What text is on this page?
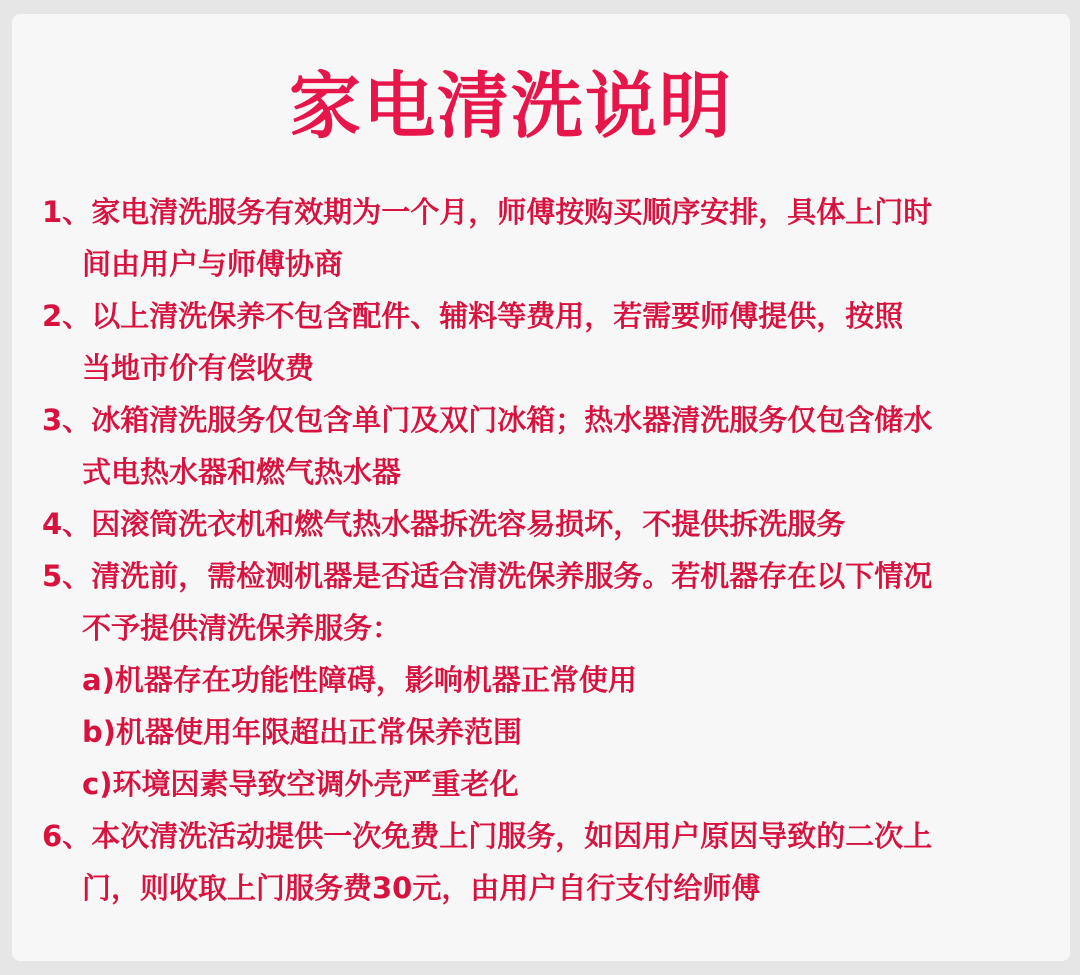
家电清洗说明

1、家电清洗服务有效期为一个月，师傅按购买顺序安排，具体上门时

间由用户与师傅协商

2、以上清洗保养不包含配件、辅料等费用，若需要师傅提供，按照

当地市价有偿收费

3、冰箱清洗服务仅包含单门及双门冰箱；热水器清洗服务仅包含储水

式电热水器和燃气热水器

4、因滚筒洗衣机和燃气热水器拆洗容易损坏，不提供拆洗服务

5、清洗前，需检测机器是否适合清洗保养服务。若机器存在以下情况

不予提供清洗保养服务：

a)机器存在功能性障碍，影响机器正常使用

b)机器使用年限超出正常保养范围

c)环境因素导致空调外壳严重老化

6、本次清洗活动提供一次免费上门服务，如因用户原因导致的二次上

门，则收取上门服务费30元，由用户自行支付给师傅
